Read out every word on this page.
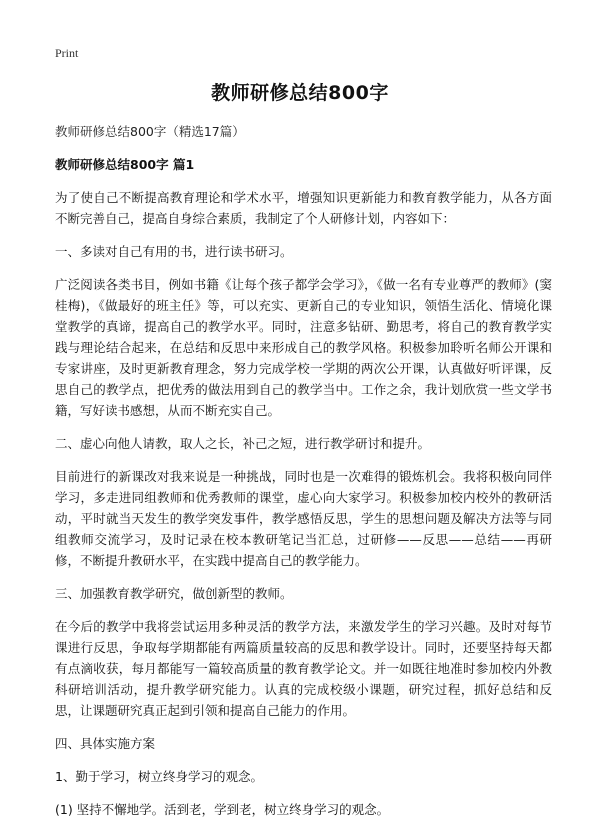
Print
教师研修总结800字

教师研修总结800字（精选17篇）

教师研修总结800字 篇1

为了使自己不断提高教育理论和学术水平，增强知识更新能力和教育教学能力，从各方面不断完善自己，提高自身综合素质，我制定了个人研修计划，内容如下：

一、多读对自己有用的书，进行读书研习。

广泛阅读各类书目，例如书籍《让每个孩子都学会学习》，《做一名有专业尊严的教师》(窦桂梅)，《做最好的班主任》等，可以充实、更新自己的专业知识，领悟生活化、情境化课堂教学的真谛，提高自己的教学水平。同时，注意多钻研、勤思考，将自己的教育教学实践与理论结合起来，在总结和反思中来形成自己的教学风格。积极参加聆听名师公开课和专家讲座，及时更新教育理念，努力完成学校一学期的两次公开课，认真做好听评课，反思自己的教学点，把优秀的做法用到自己的教学当中。工作之余，我计划欣赏一些文学书籍，写好读书感想，从而不断充实自己。

二、虚心向他人请教，取人之长，补己之短，进行教学研讨和提升。

目前进行的新课改对我来说是一种挑战，同时也是一次难得的锻炼机会。我将积极向同伴学习，多走进同组教师和优秀教师的课堂，虚心向大家学习。积极参加校内校外的教研活动，平时就当天发生的教学突发事件，教学感悟反思，学生的思想问题及解决方法等与同组教师交流学习，及时记录在校本教研笔记当汇总，过研修——反思——总结——再研修，不断提升教研水平，在实践中提高自己的教学能力。

三、加强教育教学研究，做创新型的教师。

在今后的教学中我将尝试运用多种灵活的教学方法，来激发学生的学习兴趣。及时对每节课进行反思，争取每学期都能有两篇质量较高的反思和教学设计。同时，还要坚持每天都有点滴收获，每月都能写一篇较高质量的教育教学论文。并一如既往地准时参加校内外教科研培训活动，提升教学研究能力。认真的完成校级小课题，研究过程，抓好总结和反思，让课题研究真正起到引领和提高自己能力的作用。

四、具体实施方案

1、勤于学习，树立终身学习的观念。

(1) 坚持不懈地学。活到老，学到老，树立终身学习的观念。
